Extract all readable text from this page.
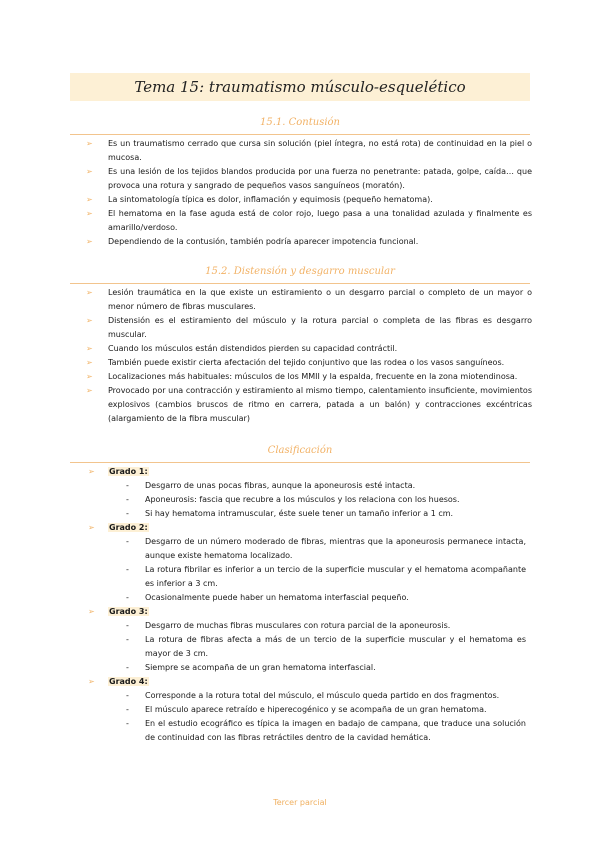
Tema 15: traumatismo músculo-esquelético
15.1. Contusión
➢ Es un traumatismo cerrado que cursa sin solución (piel íntegra, no está rota) de continuidad en la piel o mucosa.
➢ Es una lesión de los tejidos blandos producida por una fuerza no penetrante: patada, golpe, caída… que provoca una rotura y sangrado de pequeños vasos sanguíneos (moratón).
➢ La sintomatología típica es dolor, inflamación y equimosis (pequeño hematoma).
➢ El hematoma en la fase aguda está de color rojo, luego pasa a una tonalidad azulada y finalmente es amarillo/verdoso.
➢ Dependiendo de la contusión, también podría aparecer impotencia funcional.
15.2. Distensión y desgarro muscular
➢ Lesión traumática en la que existe un estiramiento o un desgarro parcial o completo de un mayor o menor número de fibras musculares.
➢ Distensión es el estiramiento del músculo y la rotura parcial o completa de las fibras es desgarro muscular.
➢ Cuando los músculos están distendidos pierden su capacidad contráctil.
➢ También puede existir cierta afectación del tejido conjuntivo que las rodea o los vasos sanguíneos.
➢ Localizaciones más habituales: músculos de los MMII y la espalda, frecuente en la zona miotendinosa.
➢ Provocado por una contracción y estiramiento al mismo tiempo, calentamiento insuficiente, movimientos explosivos (cambios bruscos de ritmo en carrera, patada a un balón) y contracciones excéntricas (alargamiento de la fibra muscular)
Clasificación
➢ Grado 1:
- Desgarro de unas pocas fibras, aunque la aponeurosis esté intacta.
- Aponeurosis: fascia que recubre a los músculos y los relaciona con los huesos.
- Si hay hematoma intramuscular, éste suele tener un tamaño inferior a 1 cm.
➢ Grado 2:
- Desgarro de un número moderado de fibras, mientras que la aponeurosis permanece intacta, aunque existe hematoma localizado.
- La rotura fibrilar es inferior a un tercio de la superficie muscular y el hematoma acompañante es inferior a 3 cm.
- Ocasionalmente puede haber un hematoma interfascial pequeño.
➢ Grado 3:
- Desgarro de muchas fibras musculares con rotura parcial de la aponeurosis.
- La rotura de fibras afecta a más de un tercio de la superficie muscular y el hematoma es mayor de 3 cm.
- Siempre se acompaña de un gran hematoma interfascial.
➢ Grado 4:
- Corresponde a la rotura total del músculo, el músculo queda partido en dos fragmentos.
- El músculo aparece retraído e hiperecogénico y se acompaña de un gran hematoma.
- En el estudio ecográfico es típica la imagen en badajo de campana, que traduce una solución de continuidad con las fibras retráctiles dentro de la cavidad hemática.
Tercer parcial
